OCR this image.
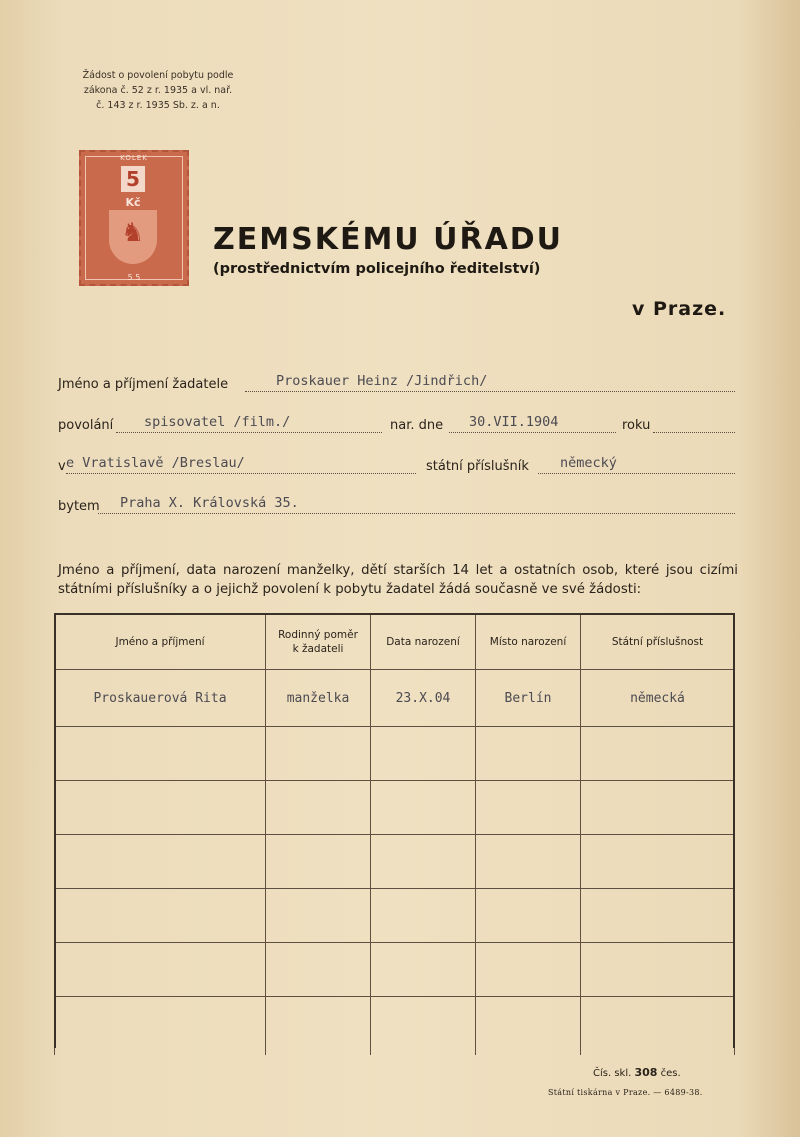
Žádost o povolení pobytu podle
zákona č. 52 z r. 1935 a vl. nař.
č. 143 z r. 1935 Sb. z. a n.
KOLEK
5
Kč
♞
5 5
ZEMSKÉMU ÚŘADU
(prostřednictvím policejního ředitelství)
v Praze.
Jméno a příjmení žadatele	Proskauer Heinz /Jindřich/
povolání spisovatel /film./	nar. dne 30.VII.1904	roku
v e Vratislavě /Breslau/	státní příslušník německý
bytem Praha X. Královská 35.
Jméno a příjmení, data narození manželky, dětí starších 14 let a ostatních osob, které jsou cizími státními příslušníky a o jejichž povolení k pobytu žadatel žádá současně ve své žádosti:
Jméno a příjmení	Rodinný poměr
k žadateli	Data narození	Místo narození	Státní příslušnost
Proskauerová Rita	manželka	23.X.04	Berlín	německá

Čís. skl. 308 čes.
Státní tiskárna v Praze. — 6489-38.
